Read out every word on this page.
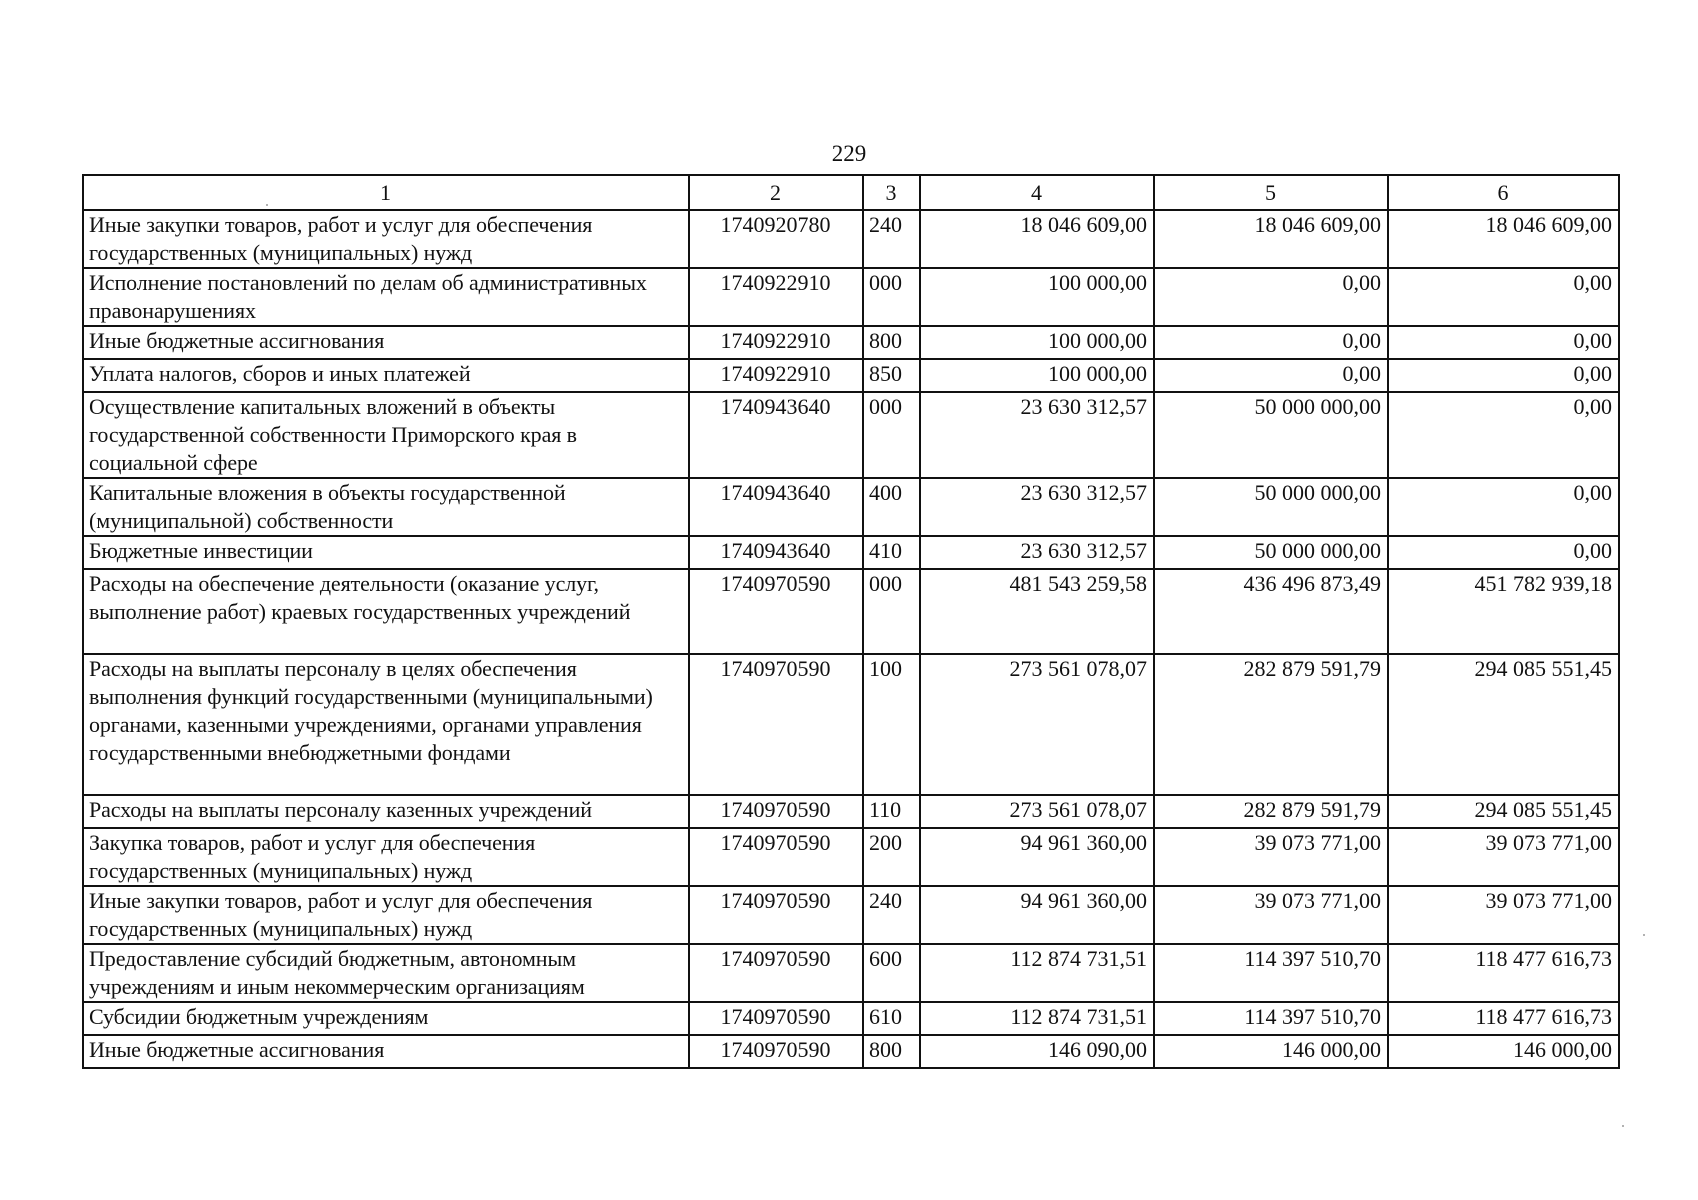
229
1	2	3	4	5	6
Иные закупки товаров, работ и услуг для обеспечения государственных (муниципальных) нужд	1740920780	240	18 046 609,00	18 046 609,00	18 046 609,00
Исполнение постановлений по делам об административных правонарушениях	1740922910	000	100 000,00	0,00	0,00
Иные бюджетные ассигнования	1740922910	800	100 000,00	0,00	0,00
Уплата налогов, сборов и иных платежей	1740922910	850	100 000,00	0,00	0,00
Осуществление капитальных вложений в объекты государственной собственности Приморского края в социальной сфере	1740943640	000	23 630 312,57	50 000 000,00	0,00
Капитальные вложения в объекты государственной (муниципальной) собственности	1740943640	400	23 630 312,57	50 000 000,00	0,00
Бюджетные инвестиции	1740943640	410	23 630 312,57	50 000 000,00	0,00
Расходы на обеспечение деятельности (оказание услуг, выполнение работ) краевых государственных учреждений	1740970590	000	481 543 259,58	436 496 873,49	451 782 939,18
Расходы на выплаты персоналу в целях обеспечения выполнения функций государственными (муниципальными) органами, казенными учреждениями, органами управления государственными внебюджетными фондами	1740970590	100	273 561 078,07	282 879 591,79	294 085 551,45
Расходы на выплаты персоналу казенных учреждений	1740970590	110	273 561 078,07	282 879 591,79	294 085 551,45
Закупка товаров, работ и услуг для обеспечения государственных (муниципальных) нужд	1740970590	200	94 961 360,00	39 073 771,00	39 073 771,00
Иные закупки товаров, работ и услуг для обеспечения государственных (муниципальных) нужд	1740970590	240	94 961 360,00	39 073 771,00	39 073 771,00
Предоставление субсидий бюджетным, автономным учреждениям и иным некоммерческим организациям	1740970590	600	112 874 731,51	114 397 510,70	118 477 616,73
Субсидии бюджетным учреждениям	1740970590	610	112 874 731,51	114 397 510,70	118 477 616,73
Иные бюджетные ассигнования	1740970590	800	146 090,00	146 000,00	146 000,00
